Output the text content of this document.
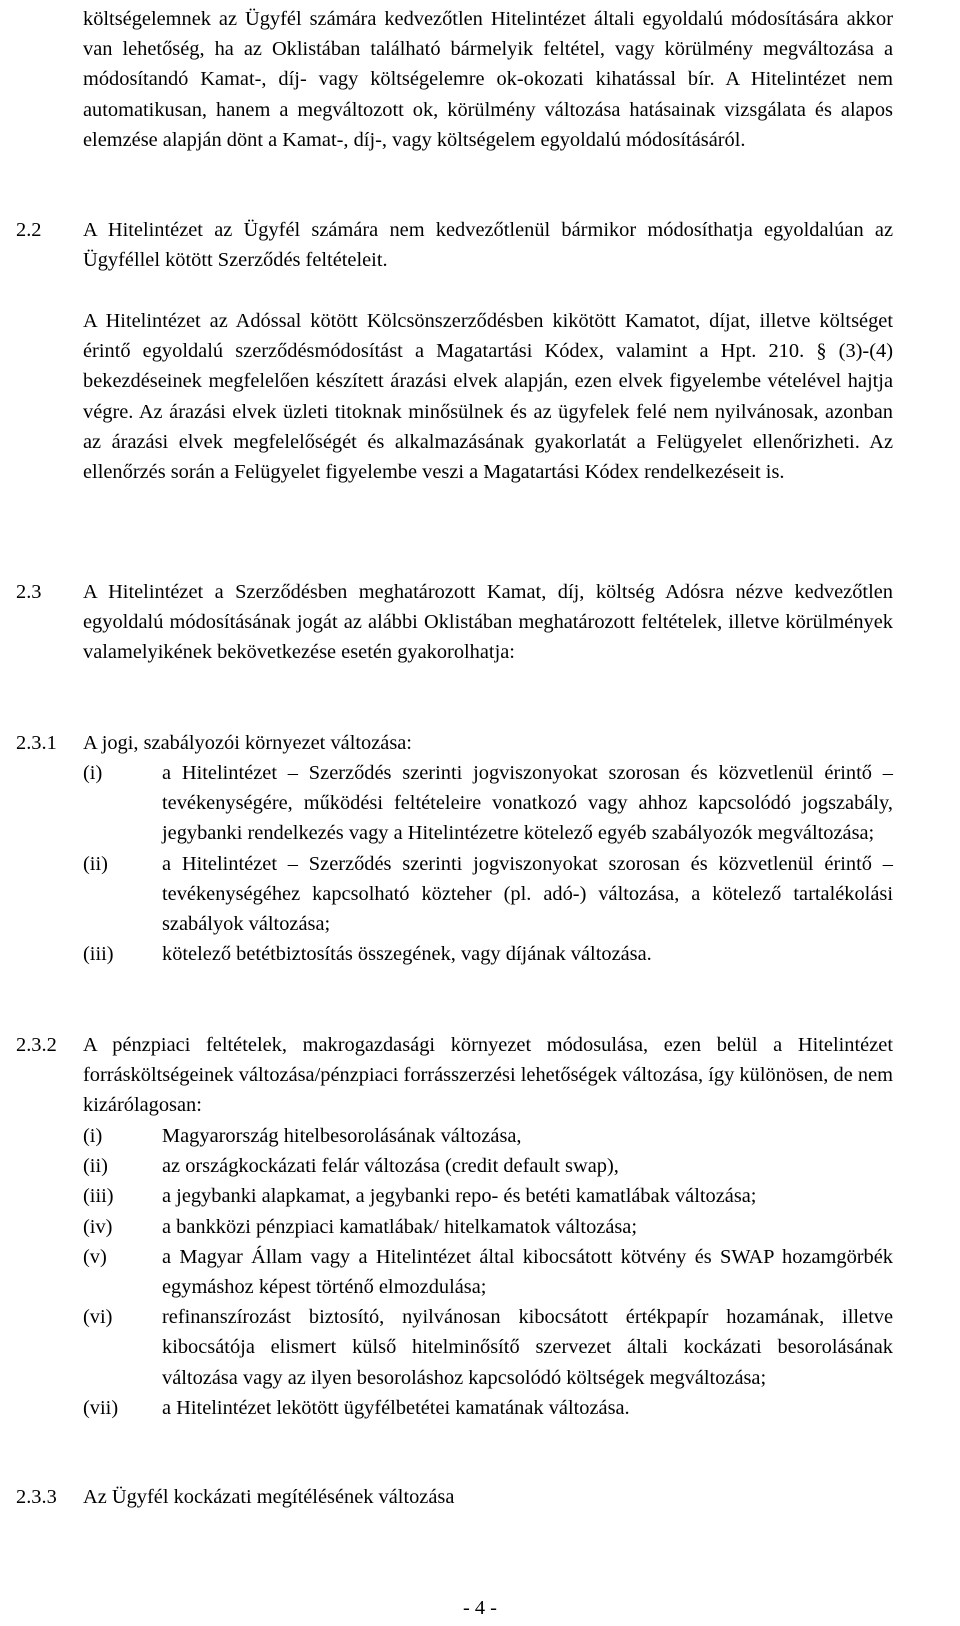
költségelemnek az Ügyfél számára kedvezőtlen Hitelintézet általi egyoldalú módosítására akkor van lehetőség, ha az Oklistában található bármelyik feltétel, vagy körülmény megváltozása a módosítandó Kamat-, díj- vagy költségelemre ok-okozati kihatással bír. A Hitelintézet nem automatikusan, hanem a megváltozott ok, körülmény változása hatásainak vizsgálata és alapos elemzése alapján dönt a Kamat-, díj-, vagy költségelem egyoldalú módosításáról.

2.2 A Hitelintézet az Ügyfél számára nem kedvezőtlenül bármikor módosíthatja egyoldalúan az Ügyféllel kötött Szerződés feltételeit.

A Hitelintézet az Adóssal kötött Kölcsönszerződésben kikötött Kamatot, díjat, illetve költséget érintő egyoldalú szerződésmódosítást a Magatartási Kódex, valamint a Hpt. 210. § (3)-(4) bekezdéseinek megfelelően készített árazási elvek alapján, ezen elvek figyelembe vételével hajtja végre. Az árazási elvek üzleti titoknak minősülnek és az ügyfelek felé nem nyilvánosak, azonban az árazási elvek megfelelőségét és alkalmazásának gyakorlatát a Felügyelet ellenőrizheti. Az ellenőrzés során a Felügyelet figyelembe veszi a Magatartási Kódex rendelkezéseit is.

2.3 A Hitelintézet a Szerződésben meghatározott Kamat, díj, költség Adósra nézve kedvezőtlen egyoldalú módosításának jogát az alábbi Oklistában meghatározott feltételek, illetve körülmények valamelyikének bekövetkezése esetén gyakorolhatja:

2.3.1 A jogi, szabályozói környezet változása:

(i)	a Hitelintézet – Szerződés szerinti jogviszonyokat szorosan és közvetlenül érintő – tevékenységére, működési feltételeire vonatkozó vagy ahhoz kapcsolódó jogszabály, jegybanki rendelkezés vagy a Hitelintézetre kötelező egyéb szabályozók megváltozása;
(ii)	a Hitelintézet – Szerződés szerinti jogviszonyokat szorosan és közvetlenül érintő – tevékenységéhez kapcsolható közteher (pl. adó-) változása, a kötelező tartalékolási szabályok változása;
(iii) kötelező betétbiztosítás összegének, vagy díjának változása.
2.3.2 A pénzpiaci feltételek, makrogazdasági környezet módosulása, ezen belül a Hitelintézet forrásköltségeinek változása/pénzpiaci forrásszerzési lehetőségek változása, így különösen, de nem kizárólagosan:

(i)	Magyarország hitelbesorolásának változása,
(ii)	az országkockázati felár változása (credit default swap),
(iii) a jegybanki alapkamat, a jegybanki repo- és betéti kamatlábak változása;
(iv) a bankközi pénzpiaci kamatlábak/ hitelkamatok változása;
(v)	a Magyar Állam vagy a Hitelintézet által kibocsátott kötvény és SWAP hozamgörbék egymáshoz képest történő elmozdulása;
(vi) refinanszírozást biztosító, nyilvánosan kibocsátott értékpapír hozamának, illetve kibocsátója elismert külső hitelminősítő szervezet általi kockázati besorolásának változása vagy az ilyen besoroláshoz kapcsolódó költségek megváltozása;
(vii) a Hitelintézet lekötött ügyfélbetétei kamatának változása.
2.3.3 Az Ügyfél kockázati megítélésének változása

- 4 -
